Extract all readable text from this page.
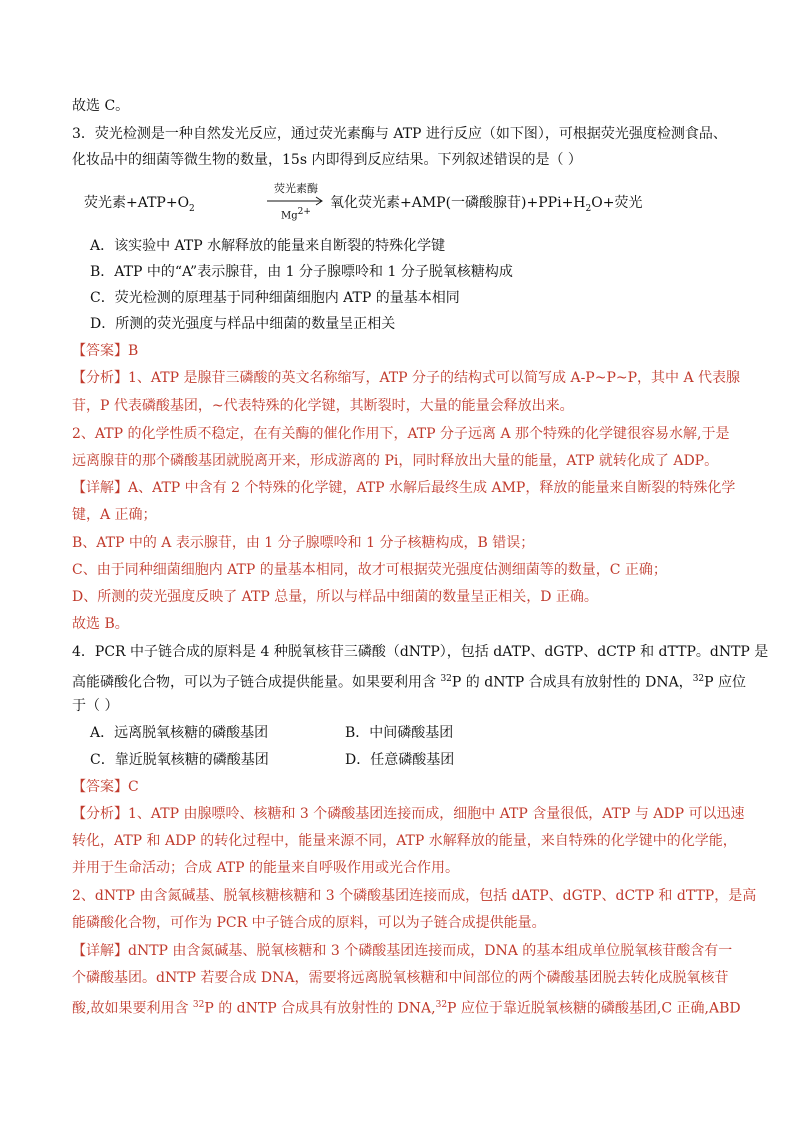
故选 C。
3．荧光检测是一种自然发光反应，通过荧光素酶与 ATP 进行反应（如下图），可根据荧光强度检测食品、
化妆品中的细菌等微生物的数量，15s 内即得到反应结果。下列叙述错误的是（ ）
荧光素$+ATP+O_2$
荧光素酶
$Mg^{2+}$
氧化荧光素+AMP(一磷酸腺苷)$+PPi+H_2O+$荧光
A．该实验中 ATP 水解释放的能量来自断裂的特殊化学键
B．ATP 中的“A”表示腺苷，由 1 分子腺嘌呤和 1 分子脱氧核糖构成
C．荧光检测的原理基于同种细菌细胞内 ATP 的量基本相同
D．所测的荧光强度与样品中细菌的数量呈正相关
【答案】B
【分析】1、ATP 是腺苷三磷酸的英文名称缩写，ATP 分子的结构式可以简写成 A-P~P~P，其中 A 代表腺
苷，P 代表磷酸基团，~代表特殊的化学键，其断裂时，大量的能量会释放出来。
2、ATP 的化学性质不稳定，在有关酶的催化作用下，ATP 分子远离 A 那个特殊的化学键很容易水解,于是
远离腺苷的那个磷酸基团就脱离开来，形成游离的 Pi，同时释放出大量的能量，ATP 就转化成了 ADP。
【详解】A、ATP 中含有 2 个特殊的化学键，ATP 水解后最终生成 AMP，释放的能量来自断裂的特殊化学
键，A 正确；
B、ATP 中的 A 表示腺苷，由 1 分子腺嘌呤和 1 分子核糖构成，B 错误；
C、由于同种细菌细胞内 ATP 的量基本相同，故才可根据荧光强度估测细菌等的数量，C 正确；
D、所测的荧光强度反映了 ATP 总量，所以与样品中细菌的数量呈正相关，D 正确。
故选 B。
4．PCR 中子链合成的原料是 4 种脱氧核苷三磷酸（dNTP），包括 dATP、dGTP、dCTP 和 dTTP。dNTP 是
高能磷酸化合物，可以为子链合成提供能量。如果要利用含 $^{32}$P 的 dNTP 合成具有放射性的 DNA，$^{32}$P 应位
于（ ）
A．远离脱氧核糖的磷酸基团	B．中间磷酸基团
C．靠近脱氧核糖的磷酸基团	D．任意磷酸基团
【答案】C
【分析】1、ATP 由腺嘌呤、核糖和 3 个磷酸基团连接而成，细胞中 ATP 含量很低，ATP 与 ADP 可以迅速
转化，ATP 和 ADP 的转化过程中，能量来源不同，ATP 水解释放的能量，来自特殊的化学键中的化学能，
并用于生命活动；合成 ATP 的能量来自呼吸作用或光合作用。
2、dNTP 由含氮碱基、脱氧核糖核糖和 3 个磷酸基团连接而成，包括 dATP、dGTP、dCTP 和 dTTP，是高
能磷酸化合物，可作为 PCR 中子链合成的原料，可以为子链合成提供能量。
【详解】dNTP 由含氮碱基、脱氧核糖和 3 个磷酸基团连接而成，DNA 的基本组成单位脱氧核苷酸含有一
个磷酸基团。dNTP 若要合成 DNA，需要将远离脱氧核糖和中间部位的两个磷酸基团脱去转化成脱氧核苷
酸,故如果要利用含 $^{32}$P 的 dNTP 合成具有放射性的 DNA,$^{32}$P 应位于靠近脱氧核糖的磷酸基团,C 正确,ABD
